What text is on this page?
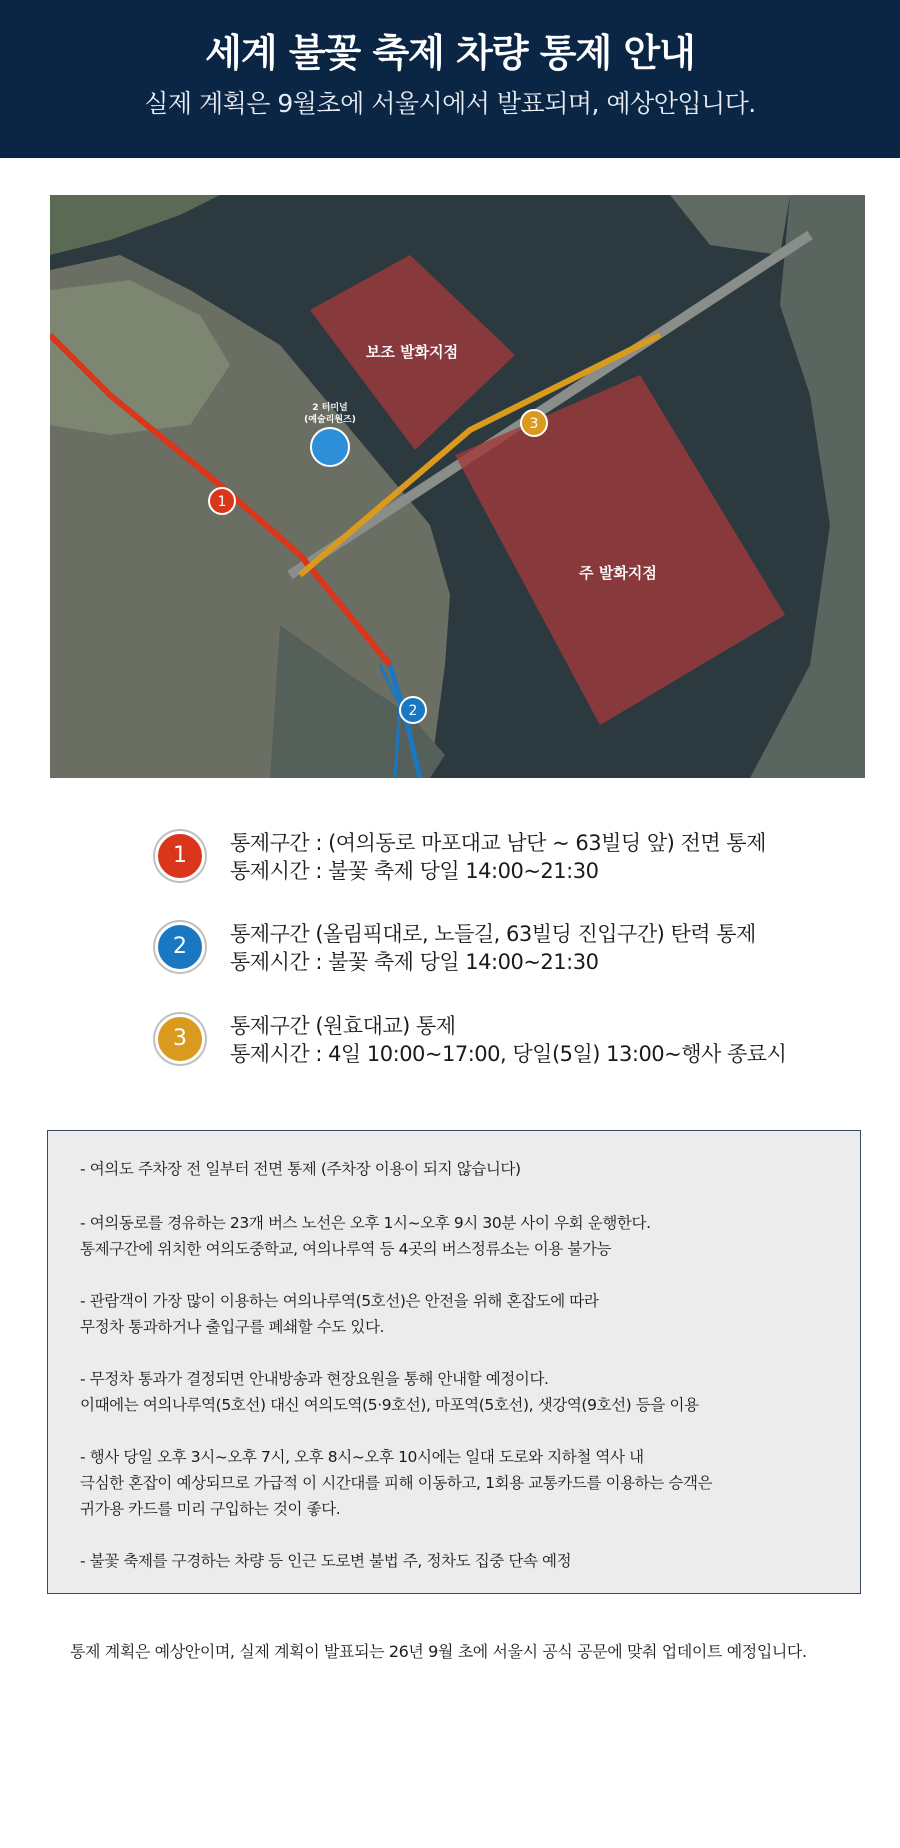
세계 불꽃 축제 차량 통제 안내
실제 계획은 9월초에 서울시에서 발표되며, 예상안입니다.
보조 발화지점
주 발화지점
2 터미널
(예술리원즈)
1
2
3
1	통제구간 : (여의동로 마포대교 남단 ~ 63빌딩 앞) 전면 통제
통제시간 : 불꽃 축제 당일 14:00~21:30
2	통제구간 (올림픽대로, 노들길, 63빌딩 진입구간) 탄력 통제
통제시간 : 불꽃 축제 당일 14:00~21:30
3	통제구간 (원효대교) 통제
통제시간 : 4일 10:00~17:00, 당일(5일) 13:00~행사 종료시
- 여의도 주차장 전 일부터 전면 통제 (주차장 이용이 되지 않습니다)
- 여의동로를 경유하는 23개 버스 노선은 오후 1시~오후 9시 30분 사이 우회 운행한다.
통제구간에 위치한 여의도중학교, 여의나루역 등 4곳의 버스정류소는 이용 불가능
- 관람객이 가장 많이 이용하는 여의나루역(5호선)은 안전을 위해 혼잡도에 따라
무정차 통과하거나 출입구를 폐쇄할 수도 있다.
- 무정차 통과가 결정되면 안내방송과 현장요원을 통해 안내할 예정이다.
이때에는 여의나루역(5호선) 대신 여의도역(5·9호선), 마포역(5호선), 샛강역(9호선) 등을 이용
- 행사 당일 오후 3시~오후 7시, 오후 8시~오후 10시에는 일대 도로와 지하철 역사 내
극심한 혼잡이 예상되므로 가급적 이 시간대를 피해 이동하고, 1회용 교통카드를 이용하는 승객은
귀가용 카드를 미리 구입하는 것이 좋다.
- 불꽃 축제를 구경하는 차량 등 인근 도로변 불법 주, 정차도 집중 단속 예정
통제 계획은 예상안이며, 실제 계획이 발표되는 26년 9월 초에 서울시 공식 공문에 맞춰 업데이트 예정입니다.
